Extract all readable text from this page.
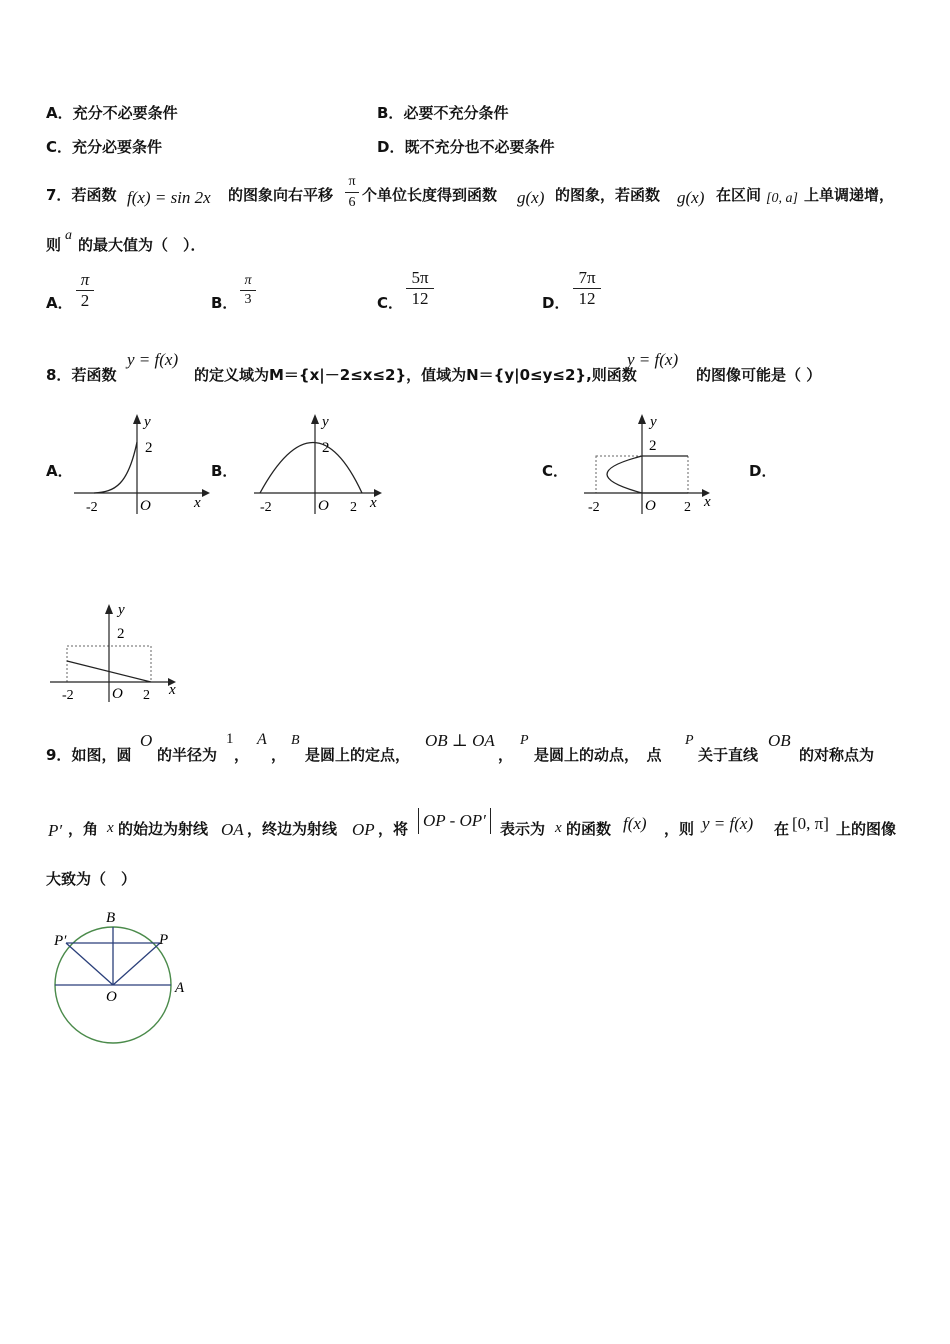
A．充分不必要条件	B．必要不充分条件
C．充分必要条件	D．既不充分也不必要条件
7．若函数 f(x) = sin 2x 的图象向右平移 $\frac{\pi}{6}$ 个单位长度得到函数 g(x) 的图象，若函数 g(x) 在区间 [0, a] 上单调递增，
则
a
的最大值为（　）．
A． $\frac{\pi}{2}$	B． $\frac{\pi}{3}$	C． $\frac{5\pi}{12}$	D． $\frac{7\pi}{12}$
8．若函数
y = f(x)
的定义域为M＝{x|－2≤x≤2}，值域为N＝{y|0≤y≤2},则函数
y = f(x)
的图像可能是（ ）
A．	B．	C．	D．
y
2
-2	O	x
y
2
-2	O 2 x
y
2
-2	O 2 x
y
2
-2	O 2 x
9．如图，圆
O
的半径为
1
，
A
，
B
是圆上的定点，
OB ⊥ OA
，
P
是圆上的动点，　点
P
关于直线
OB
的对称点为
P′ ，角 x 的始边为射线 OA ，终边为射线 OP ，将 OP - OP′ 表示为 x 的函数 f(x) ，则 y = f(x) 在 [0, π] 上的图像
大致为（　）
B
P
P′
O
A
